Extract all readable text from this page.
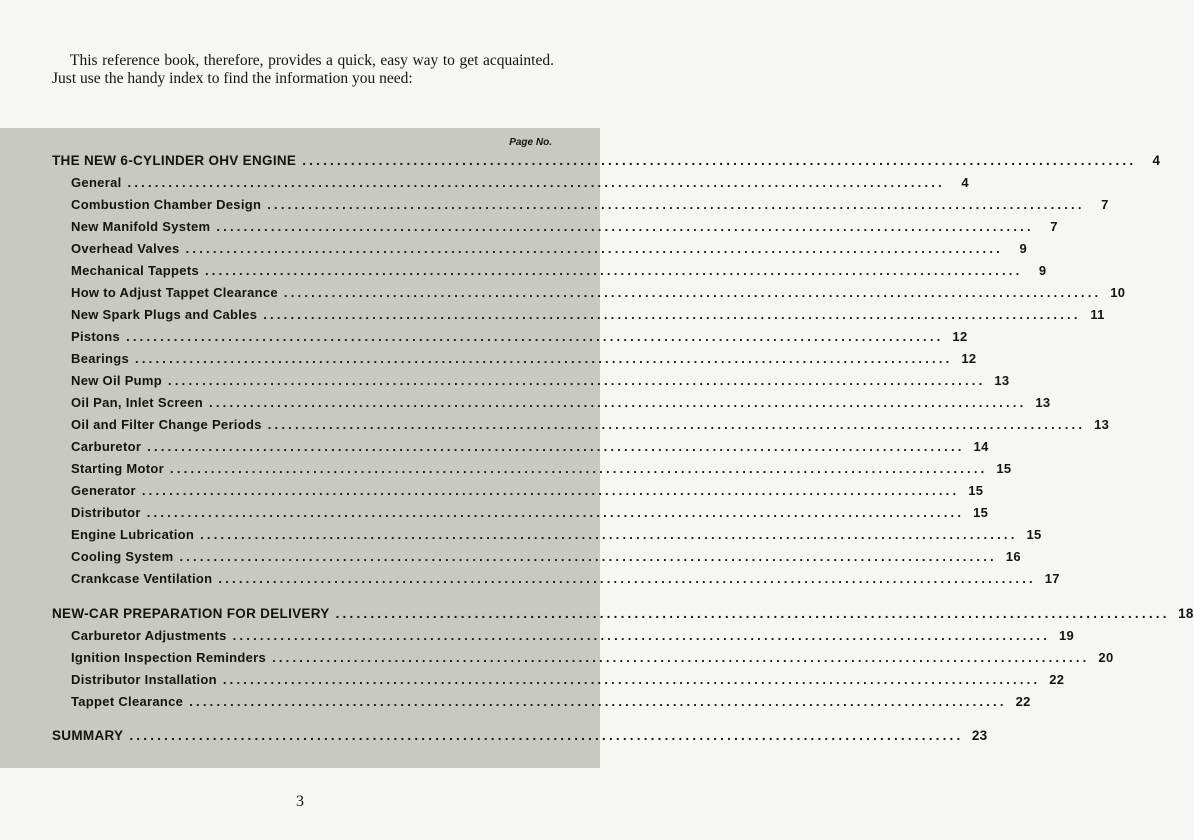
This reference book, therefore, provides a quick, easy way to get acquainted. Just use the handy index to find the information you need:

Page No.
THE NEW 6-CYLINDER OHV ENGINE ........................................................................................................................	4
General ........................................................................................................................	4
Combustion Chamber Design ........................................................................................................................	7
New Manifold System ........................................................................................................................	7
Overhead Valves ........................................................................................................................	9
Mechanical Tappets ........................................................................................................................	9
How to Adjust Tappet Clearance ........................................................................................................................ 10
New Spark Plugs and Cables ........................................................................................................................ 11
Pistons ........................................................................................................................ 12
Bearings ........................................................................................................................ 12
New Oil Pump ........................................................................................................................ 13
Oil Pan, Inlet Screen ........................................................................................................................ 13
Oil and Filter Change Periods ........................................................................................................................ 13
Carburetor ........................................................................................................................ 14
Starting Motor ........................................................................................................................ 15
Generator ........................................................................................................................ 15
Distributor ........................................................................................................................ 15
Engine Lubrication ........................................................................................................................ 15
Cooling System ........................................................................................................................ 16
Crankcase Ventilation ........................................................................................................................ 17
NEW-CAR PREPARATION FOR DELIVERY ........................................................................................................................ 18
Carburetor Adjustments ........................................................................................................................ 19
Ignition Inspection Reminders ........................................................................................................................ 20
Distributor Installation ........................................................................................................................ 22
Tappet Clearance ........................................................................................................................ 22
SUMMARY ........................................................................................................................ 23
3
